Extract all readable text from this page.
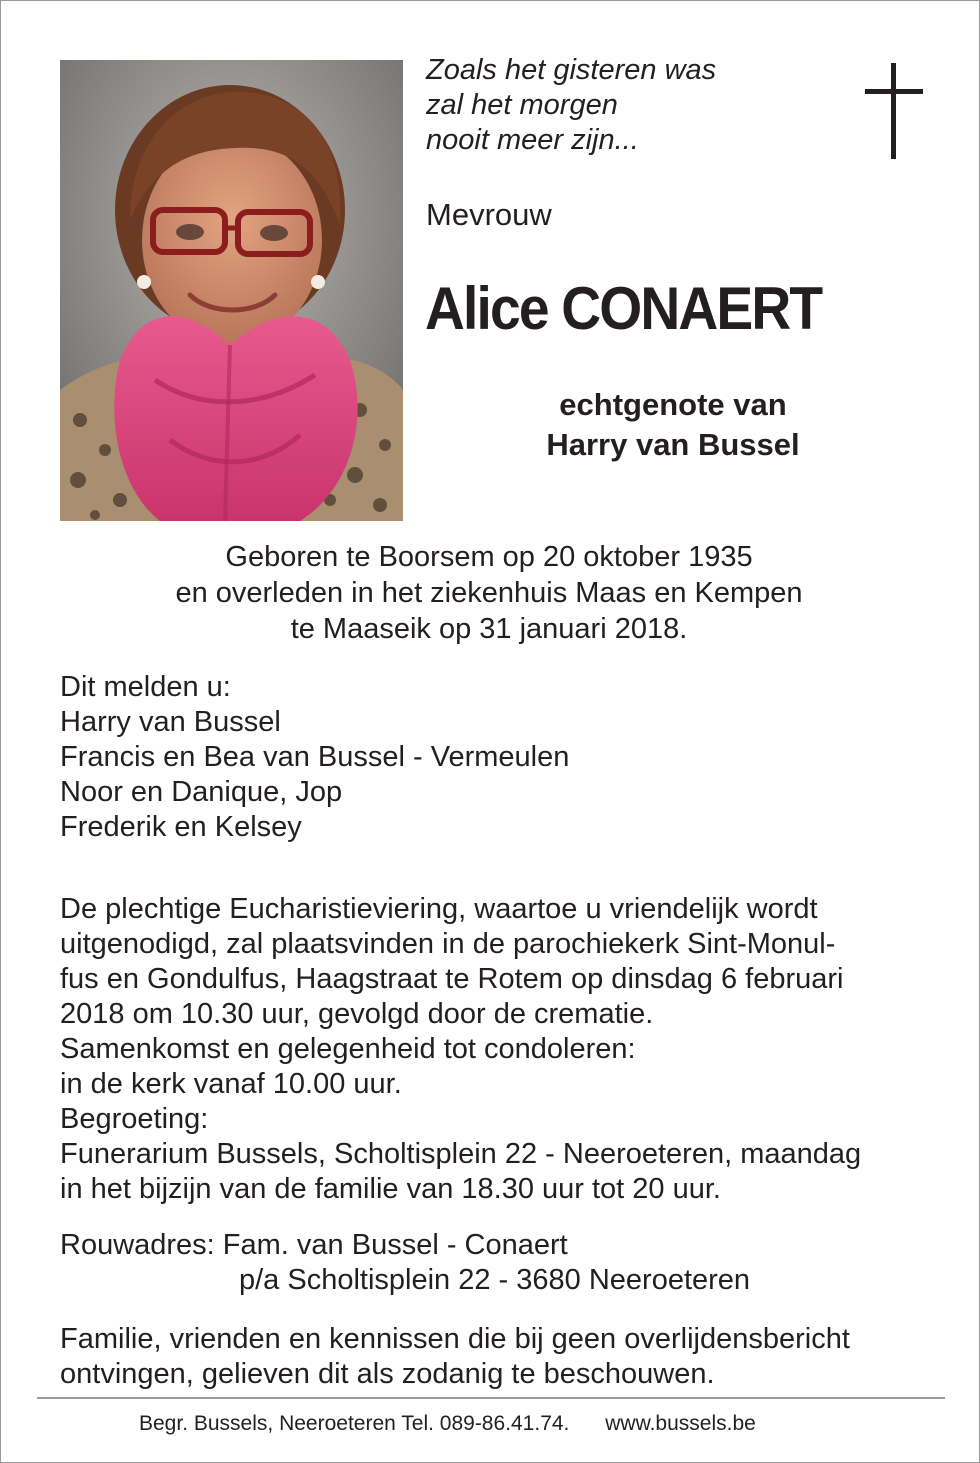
Zoals het gisteren was
zal het morgen
nooit meer zijn...

Mevrouw
Alice CONAERT
echtgenote van
Harry van Bussel
Geboren te Boorsem op 20 oktober 1935
en overleden in het ziekenhuis Maas en Kempen
te Maaseik op 31 januari 2018.
Dit melden u:
Harry van Bussel
Francis en Bea van Bussel - Vermeulen
Noor en Danique, Jop
Frederik en Kelsey
De plechtige Eucharistieviering, waartoe u vriendelijk wordt
uitgenodigd, zal plaatsvinden in de parochiekerk Sint-Monul-
fus en Gondulfus, Haagstraat te Rotem op dinsdag 6 februari
2018 om 10.30 uur, gevolgd door de crematie.
Samenkomst en gelegenheid tot condoleren:
in de kerk vanaf 10.00 uur.
Begroeting:
Funerarium Bussels, Scholtisplein 22 - Neeroeteren, maandag
in het bijzijn van de familie van 18.30 uur tot 20 uur.
Rouwadres: Fam. van Bussel - Conaert
p/a Scholtisplein 22 - 3680 Neeroeteren
Familie, vrienden en kennissen die bij geen overlijdensbericht
ontvingen, gelieven dit als zodanig te beschouwen.
Begr. Bussels, Neeroeteren Tel. 089-86.41.74. www.bussels.be
